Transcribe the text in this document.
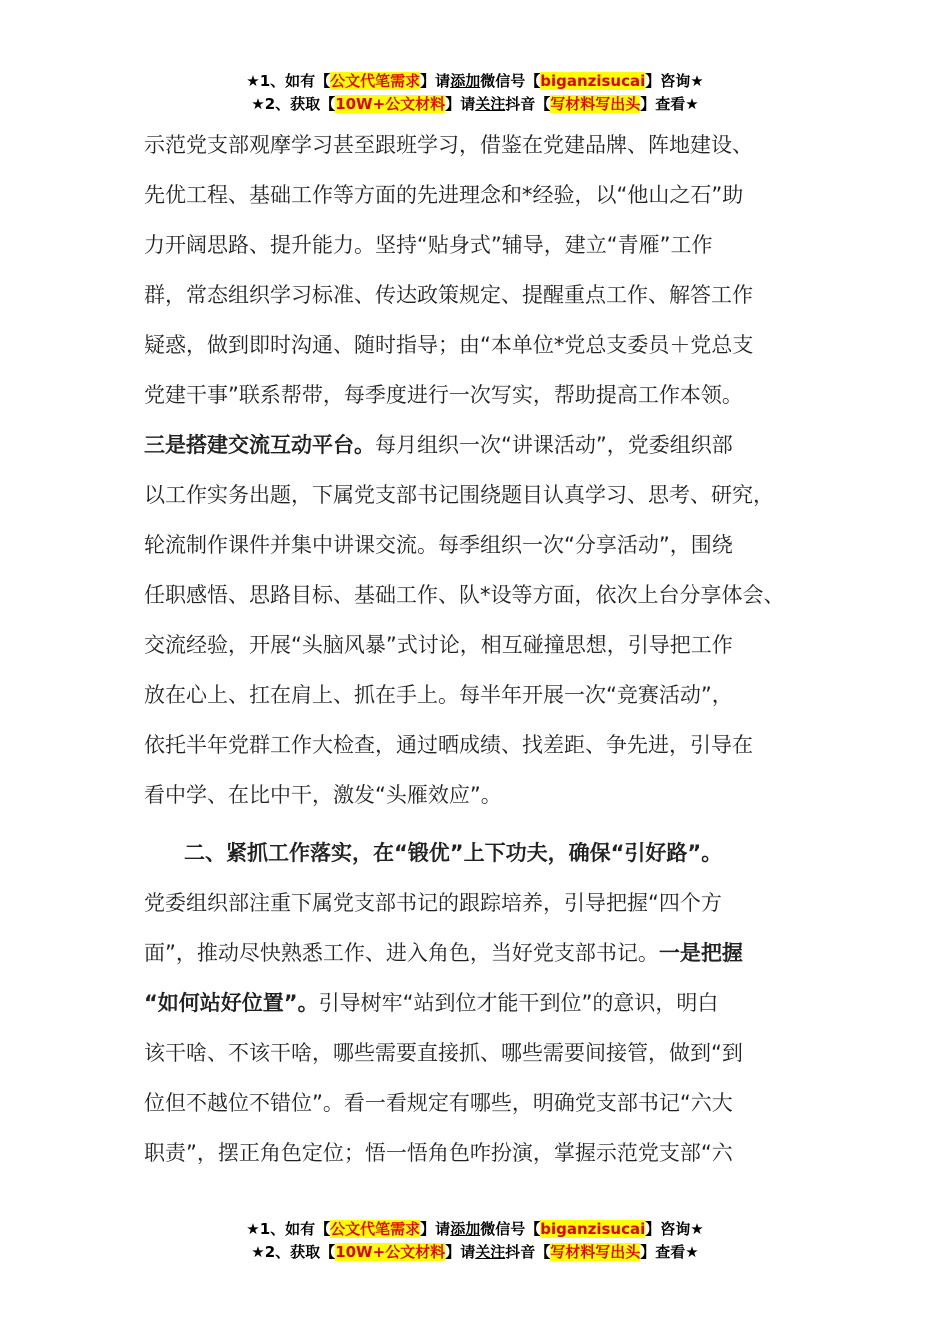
★1、如有【公文代笔需求】请添加微信号【biganzisucai】咨询★
★2、获取【10W+公文材料】请关注抖音【写材料写出头】查看★

示范党支部观摩学习甚至跟班学习，借鉴在党建品牌、阵地建设、

先优工程、基础工作等方面的先进理念和*经验，以“他山之石”助

力开阔思路、提升能力。坚持“贴身式”辅导，建立“青雁”工作

群，常态组织学习标准、传达政策规定、提醒重点工作、解答工作

疑惑，做到即时沟通、随时指导；由“本单位*党总支委员＋党总支

党建干事”联系帮带，每季度进行一次写实，帮助提高工作本领。

三是搭建交流互动平台。每月组织一次“讲课活动”，党委组织部

以工作实务出题，下属党支部书记围绕题目认真学习、思考、研究，

轮流制作课件并集中讲课交流。每季组织一次“分享活动”，围绕

任职感悟、思路目标、基础工作、队*设等方面，依次上台分享体会、

交流经验，开展“头脑风暴”式讨论，相互碰撞思想，引导把工作

放在心上、扛在肩上、抓在手上。每半年开展一次“竞赛活动”，

依托半年党群工作大检查，通过晒成绩、找差距、争先进，引导在

看中学、在比中干，激发“头雁效应”。

二、紧抓工作落实，在“锻优”上下功夫，确保“引好路”。

党委组织部注重下属党支部书记的跟踪培养，引导把握“四个方

面”，推动尽快熟悉工作、进入角色，当好党支部书记。一是把握

“如何站好位置”。引导树牢“站到位才能干到位”的意识，明白

该干啥、不该干啥，哪些需要直接抓、哪些需要间接管，做到“到

位但不越位不错位”。看一看规定有哪些，明确党支部书记“六大

职责”，摆正角色定位；悟一悟角色咋扮演，掌握示范党支部“六

★1、如有【公文代笔需求】请添加微信号【biganzisucai】咨询★
★2、获取【10W+公文材料】请关注抖音【写材料写出头】查看★
